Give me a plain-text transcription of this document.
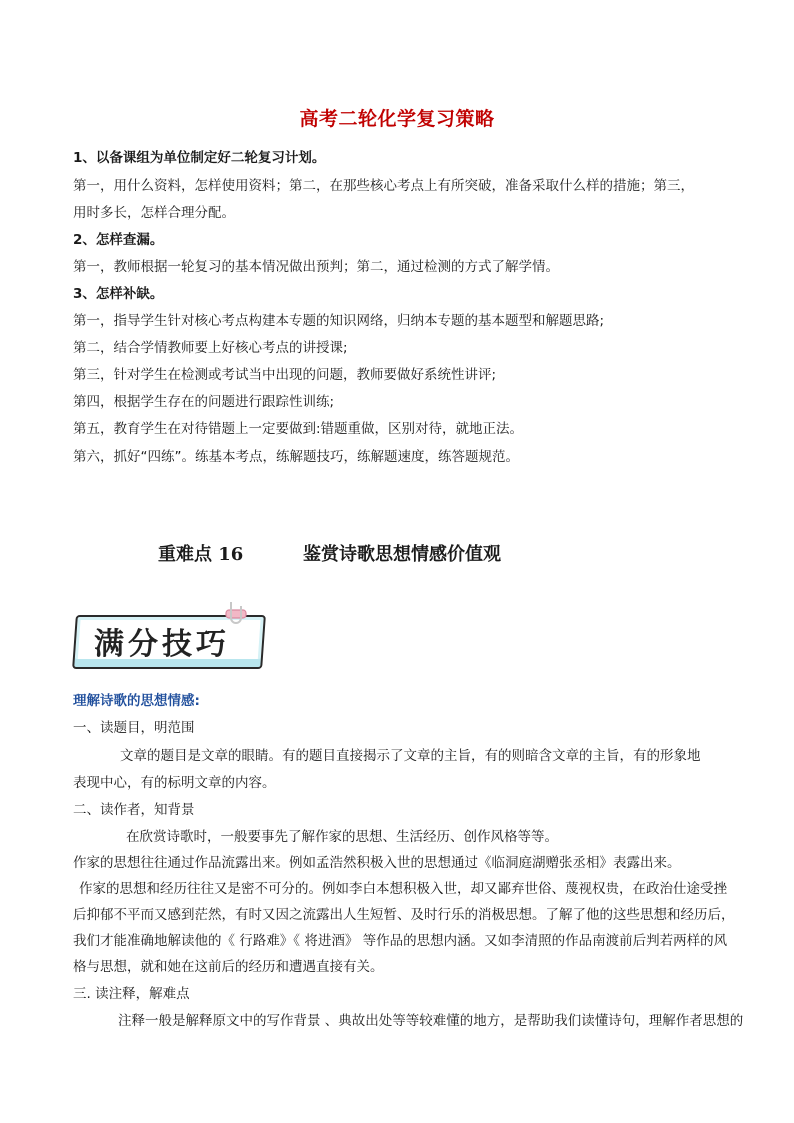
高考二轮化学复习策略
1、以备课组为单位制定好二轮复习计划。
第一，用什么资料，怎样使用资料；第二，在那些核心考点上有所突破，准备采取什么样的措施；第三，
用时多长，怎样合理分配。
2、怎样查漏。
第一，教师根据一轮复习的基本情况做出预判；第二，通过检测的方式了解学情。
3、怎样补缺。
第一，指导学生针对核心考点构建本专题的知识网络，归纳本专题的基本题型和解题思路;
第二，结合学情教师要上好核心考点的讲授课;
第三，针对学生在检测或考试当中出现的问题，教师要做好系统性讲评;
第四，根据学生存在的问题进行跟踪性训练;
第五，教育学生在对待错题上一定要做到:错题重做，区别对待，就地正法。
第六，抓好“四练”。练基本考点，练解题技巧，练解题速度，练答题规范。
重难点 16	鉴赏诗歌思想情感价值观
满分技巧
理解诗歌的思想情感:
一、读题目，明范围
文章的题目是文章的眼睛。有的题目直接揭示了文章的主旨，有的则暗含文章的主旨，有的形象地
表现中心，有的标明文章的内容。
二、读作者，知背景
在欣赏诗歌时，一般要事先了解作家的思想、生活经历、创作风格等等。
作家的思想往往通过作品流露出来。例如孟浩然积极入世的思想通过《临洞庭湖赠张丞相》表露出来。
作家的思想和经历往往又是密不可分的。例如李白本想积极入世，却又鄙弃世俗、蔑视权贵，在政治仕途受挫
后抑郁不平而又感到茫然，有时又因之流露出人生短暂、及时行乐的消极思想。了解了他的这些思想和经历后，
我们才能准确地解读他的《 行路难》《 将进酒》 等作品的思想内涵。又如李清照的作品南渡前后判若两样的风
格与思想，就和她在这前后的经历和遭遇直接有关。
三. 读注释，解难点
注释一般是解释原文中的写作背景 、典故出处等等较难懂的地方，是帮助我们读懂诗句，理解作者思想的
